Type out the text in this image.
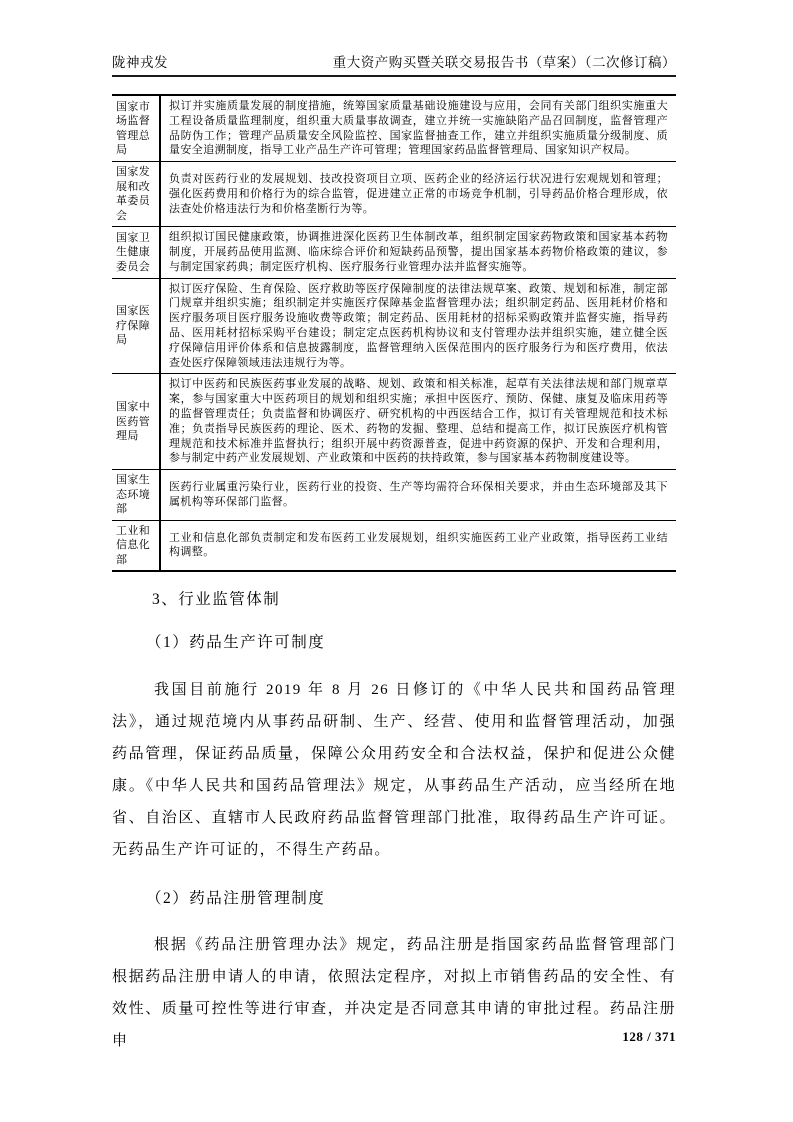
陇神戎发	重大资产购买暨关联交易报告书（草案）（二次修订稿）
国家市场监督管理总局	拟订并实施质量发展的制度措施，统筹国家质量基础设施建设与应用，会同有关部门组织实施重大工程设备质量监理制度，组织重大质量事故调查，建立并统一实施缺陷产品召回制度，监督管理产品防伪工作；管理产品质量安全风险监控、国家监督抽查工作，建立并组织实施质量分级制度、质量安全追溯制度，指导工业产品生产许可管理；管理国家药品监督管理局、国家知识产权局。
国家发展和改革委员会	负责对医药行业的发展规划、技改投资项目立项、医药企业的经济运行状况进行宏观规划和管理；强化医药费用和价格行为的综合监管，促进建立正常的市场竞争机制，引导药品价格合理形成，依法查处价格违法行为和价格垄断行为等。
国家卫生健康委员会	组织拟订国民健康政策，协调推进深化医药卫生体制改革，组织制定国家药物政策和国家基本药物制度，开展药品使用监测、临床综合评价和短缺药品预警，提出国家基本药物价格政策的建议，参与制定国家药典；制定医疗机构、医疗服务行业管理办法并监督实施等。
国家医疗保障局	拟订医疗保险、生育保险、医疗救助等医疗保障制度的法律法规草案、政策、规划和标准，制定部门规章并组织实施；组织制定并实施医疗保障基金监督管理办法；组织制定药品、医用耗材价格和医疗服务项目医疗服务设施收费等政策；制定药品、医用耗材的招标采购政策并监督实施，指导药品、医用耗材招标采购平台建设；制定定点医药机构协议和支付管理办法并组织实施，建立健全医疗保障信用评价体系和信息披露制度，监督管理纳入医保范围内的医疗服务行为和医疗费用，依法查处医疗保障领域违法违规行为等。
国家中医药管理局	拟订中医药和民族医药事业发展的战略、规划、政策和相关标准，起草有关法律法规和部门规章草案，参与国家重大中医药项目的规划和组织实施；承担中医医疗、预防、保健、康复及临床用药等的监督管理责任；负责监督和协调医疗、研究机构的中西医结合工作，拟订有关管理规范和技术标准；负责指导民族医药的理论、医术、药物的发掘、整理、总结和提高工作，拟订民族医疗机构管理规范和技术标准并监督执行；组织开展中药资源普查，促进中药资源的保护、开发和合理利用，参与制定中药产业发展规划、产业政策和中医药的扶持政策，参与国家基本药物制度建设等。
国家生态环境部	医药行业属重污染行业，医药行业的投资、生产等均需符合环保相关要求，并由生态环境部及其下属机构等环保部门监督。
工业和信息化部	工业和信息化部负责制定和发布医药工业发展规划，组织实施医药工业产业政策，指导医药工业结构调整。
3、行业监管体制
（1）药品生产许可制度

我国目前施行 2019 年 8 月 26 日修订的《中华人民共和国药品管理法》，通过规范境内从事药品研制、生产、经营、使用和监督管理活动，加强药品管理，保证药品质量，保障公众用药安全和合法权益，保护和促进公众健康。《中华人民共和国药品管理法》规定，从事药品生产活动，应当经所在地省、自治区、直辖市人民政府药品监督管理部门批准，取得药品生产许可证。无药品生产许可证的，不得生产药品。

（2）药品注册管理制度

根据《药品注册管理办法》规定，药品注册是指国家药品监督管理部门根据药品注册申请人的申请，依照法定程序，对拟上市销售药品的安全性、有效性、质量可控性等进行审查，并决定是否同意其申请的审批过程。药品注册申	128 / 371
